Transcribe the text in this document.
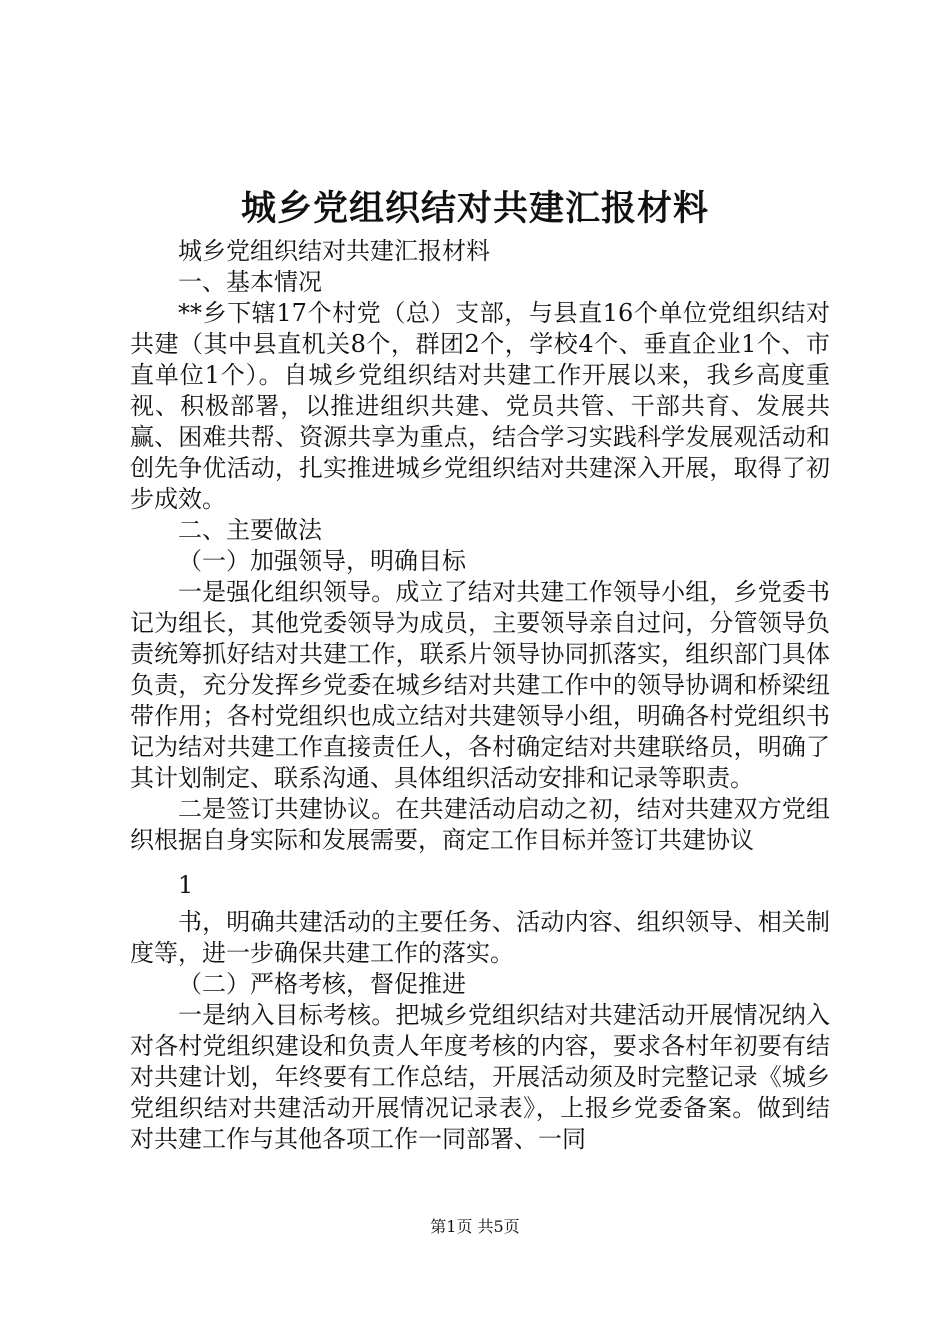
城乡党组织结对共建汇报材料

城乡党组织结对共建汇报材料

一、基本情况

**乡下辖17个村党（总）支部，与县直16个单位党组织结对共建（其中县直机关8个，群团2个，学校4个、垂直企业1个、市直单位1个）。自城乡党组织结对共建工作开展以来，我乡高度重视、积极部署，以推进组织共建、党员共管、干部共育、发展共赢、困难共帮、资源共享为重点，结合学习实践科学发展观活动和创先争优活动，扎实推进城乡党组织结对共建深入开展，取得了初步成效。

二、主要做法

（一）加强领导，明确目标

一是强化组织领导。成立了结对共建工作领导小组，乡党委书记为组长，其他党委领导为成员，主要领导亲自过问，分管领导负责统筹抓好结对共建工作，联系片领导协同抓落实，组织部门具体负责，充分发挥乡党委在城乡结对共建工作中的领导协调和桥梁纽带作用；各村党组织也成立结对共建领导小组，明确各村党组织书记为结对共建工作直接责任人，各村确定结对共建联络员，明确了其计划制定、联系沟通、具体组织活动安排和记录等职责。

二是签订共建协议。在共建活动启动之初，结对共建双方党组织根据自身实际和发展需要，商定工作目标并签订共建协议

1

书，明确共建活动的主要任务、活动内容、组织领导、相关制度等，进一步确保共建工作的落实。

（二）严格考核，督促推进

一是纳入目标考核。把城乡党组织结对共建活动开展情况纳入对各村党组织建设和负责人年度考核的内容，要求各村年初要有结对共建计划，年终要有工作总结，开展活动须及时完整记录《城乡党组织结对共建活动开展情况记录表》，上报乡党委备案。做到结对共建工作与其他各项工作一同部署、一同

第1页 共5页
